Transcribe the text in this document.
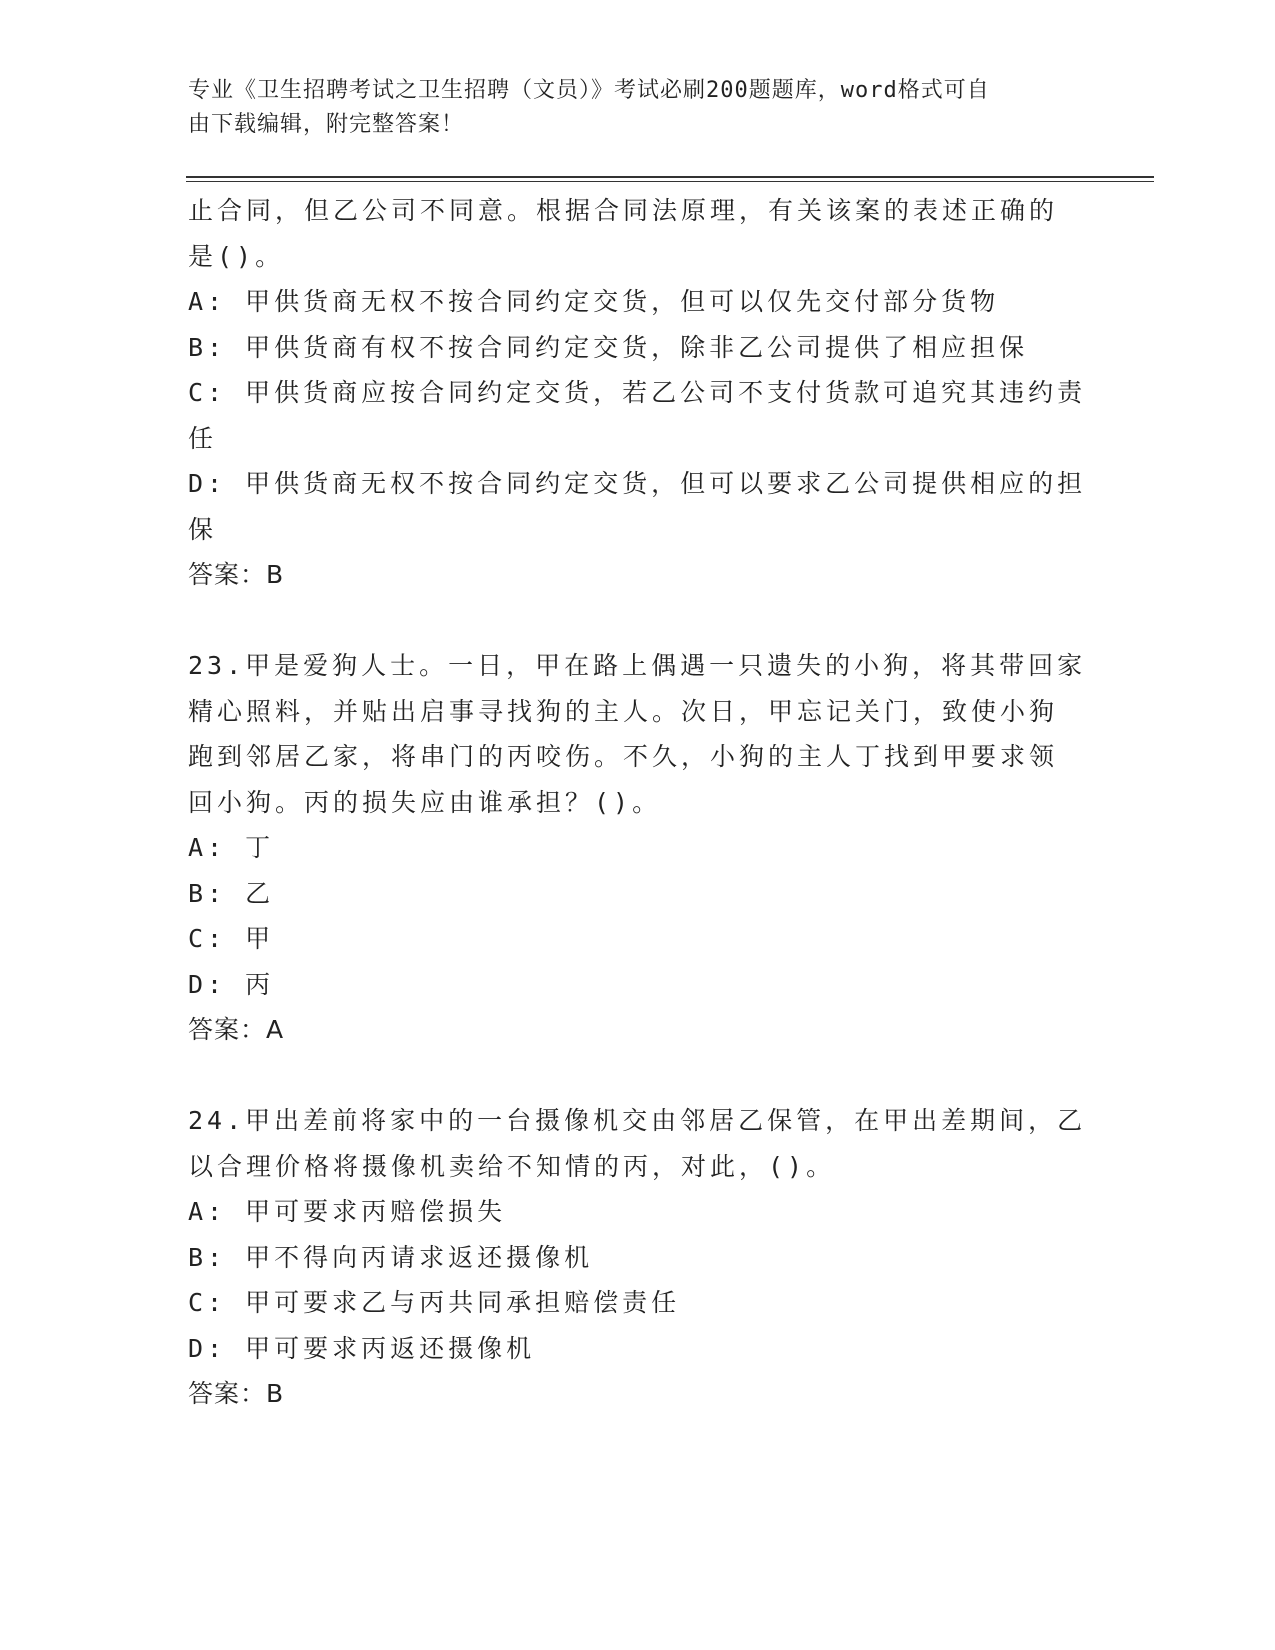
专业《卫生招聘考试之卫生招聘（文员）》考试必刷200题题库，word格式可自
由下载编辑，附完整答案！
止合同，但乙公司不同意。根据合同法原理，有关该案的表述正确的
是()。
A: 甲供货商无权不按合同约定交货，但可以仅先交付部分货物
B: 甲供货商有权不按合同约定交货，除非乙公司提供了相应担保
C: 甲供货商应按合同约定交货，若乙公司不支付货款可追究其违约责
任
D: 甲供货商无权不按合同约定交货，但可以要求乙公司提供相应的担
保
答案：B
23.甲是爱狗人士。一日，甲在路上偶遇一只遗失的小狗，将其带回家
精心照料，并贴出启事寻找狗的主人。次日，甲忘记关门，致使小狗
跑到邻居乙家，将串门的丙咬伤。不久，小狗的主人丁找到甲要求领
回小狗。丙的损失应由谁承担？()。
A: 丁
B: 乙
C: 甲
D: 丙
答案：A
24.甲出差前将家中的一台摄像机交由邻居乙保管，在甲出差期间，乙
以合理价格将摄像机卖给不知情的丙，对此，()。
A: 甲可要求丙赔偿损失
B: 甲不得向丙请求返还摄像机
C: 甲可要求乙与丙共同承担赔偿责任
D: 甲可要求丙返还摄像机
答案：B
